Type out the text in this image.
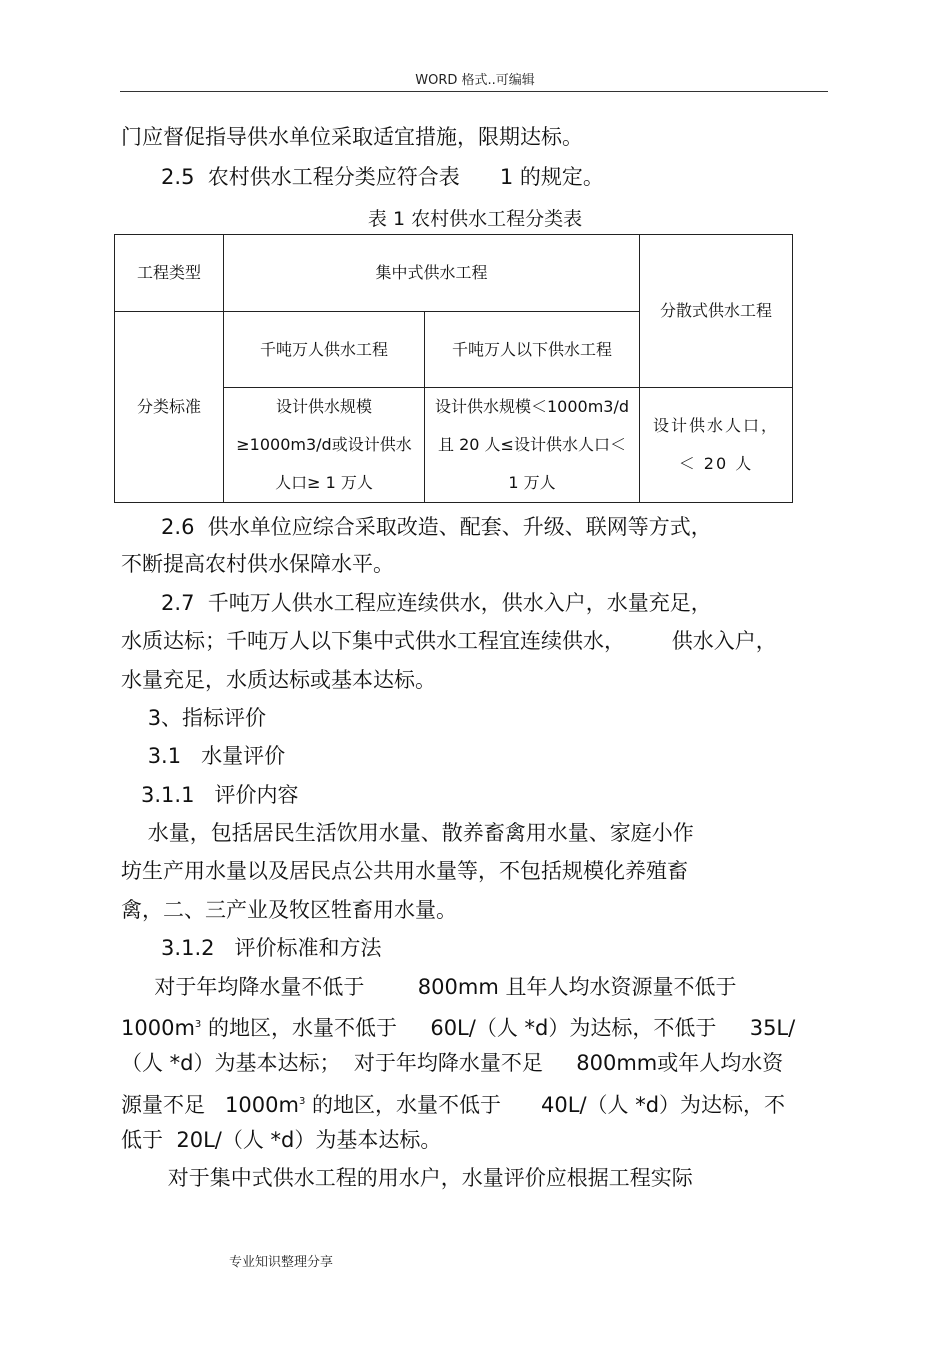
WORD 格式..可编辑
门应督促指导供水单位采取适宜措施，限期达标。
2.5  农村供水工程分类应符合表      1 的规定。
表 1 农村供水工程分类表
工程类型	集中式供水工程		分散式供水工程
分类标准	千吨万人供水工程	千吨万人以下供水工程	
	设计供水规模≥1000m3/d或设计供水人口≥ 1 万人	设计供水规模＜1000m3/d 且 20 人≤设计供水人口＜ 1 万人	设计供水人口，＜ 20 人
2.6  供水单位应综合采取改造、配套、升级、联网等方式，
不断提高农村供水保障水平。
2.7  千吨万人供水工程应连续供水，供水入户，水量充足，
水质达标；千吨万人以下集中式供水工程宜连续供水，       供水入户，
水量充足，水质达标或基本达标。
3、指标评价
3.1   水量评价
3.1.1   评价内容
水量，包括居民生活饮用水量、散养畜禽用水量、家庭小作
坊生产用水量以及居民点公共用水量等，不包括规模化养殖畜
禽，二、三产业及牧区牲畜用水量。
3.1.2   评价标准和方法
对于年均降水量不低于        800mm 且年人均水资源量不低于
$1000m^3$ 的地区，水量不低于     60L/（人 *d）为达标，不低于     35L/
（人 *d）为基本达标；  对于年均降水量不足     800mm或年人均水资
源量不足   $1000m^3$ 的地区，水量不低于      40L/（人 *d）为达标，不
低于  20L/（人 *d）为基本达标。
对于集中式供水工程的用水户，水量评价应根据工程实际
专业知识整理分享
